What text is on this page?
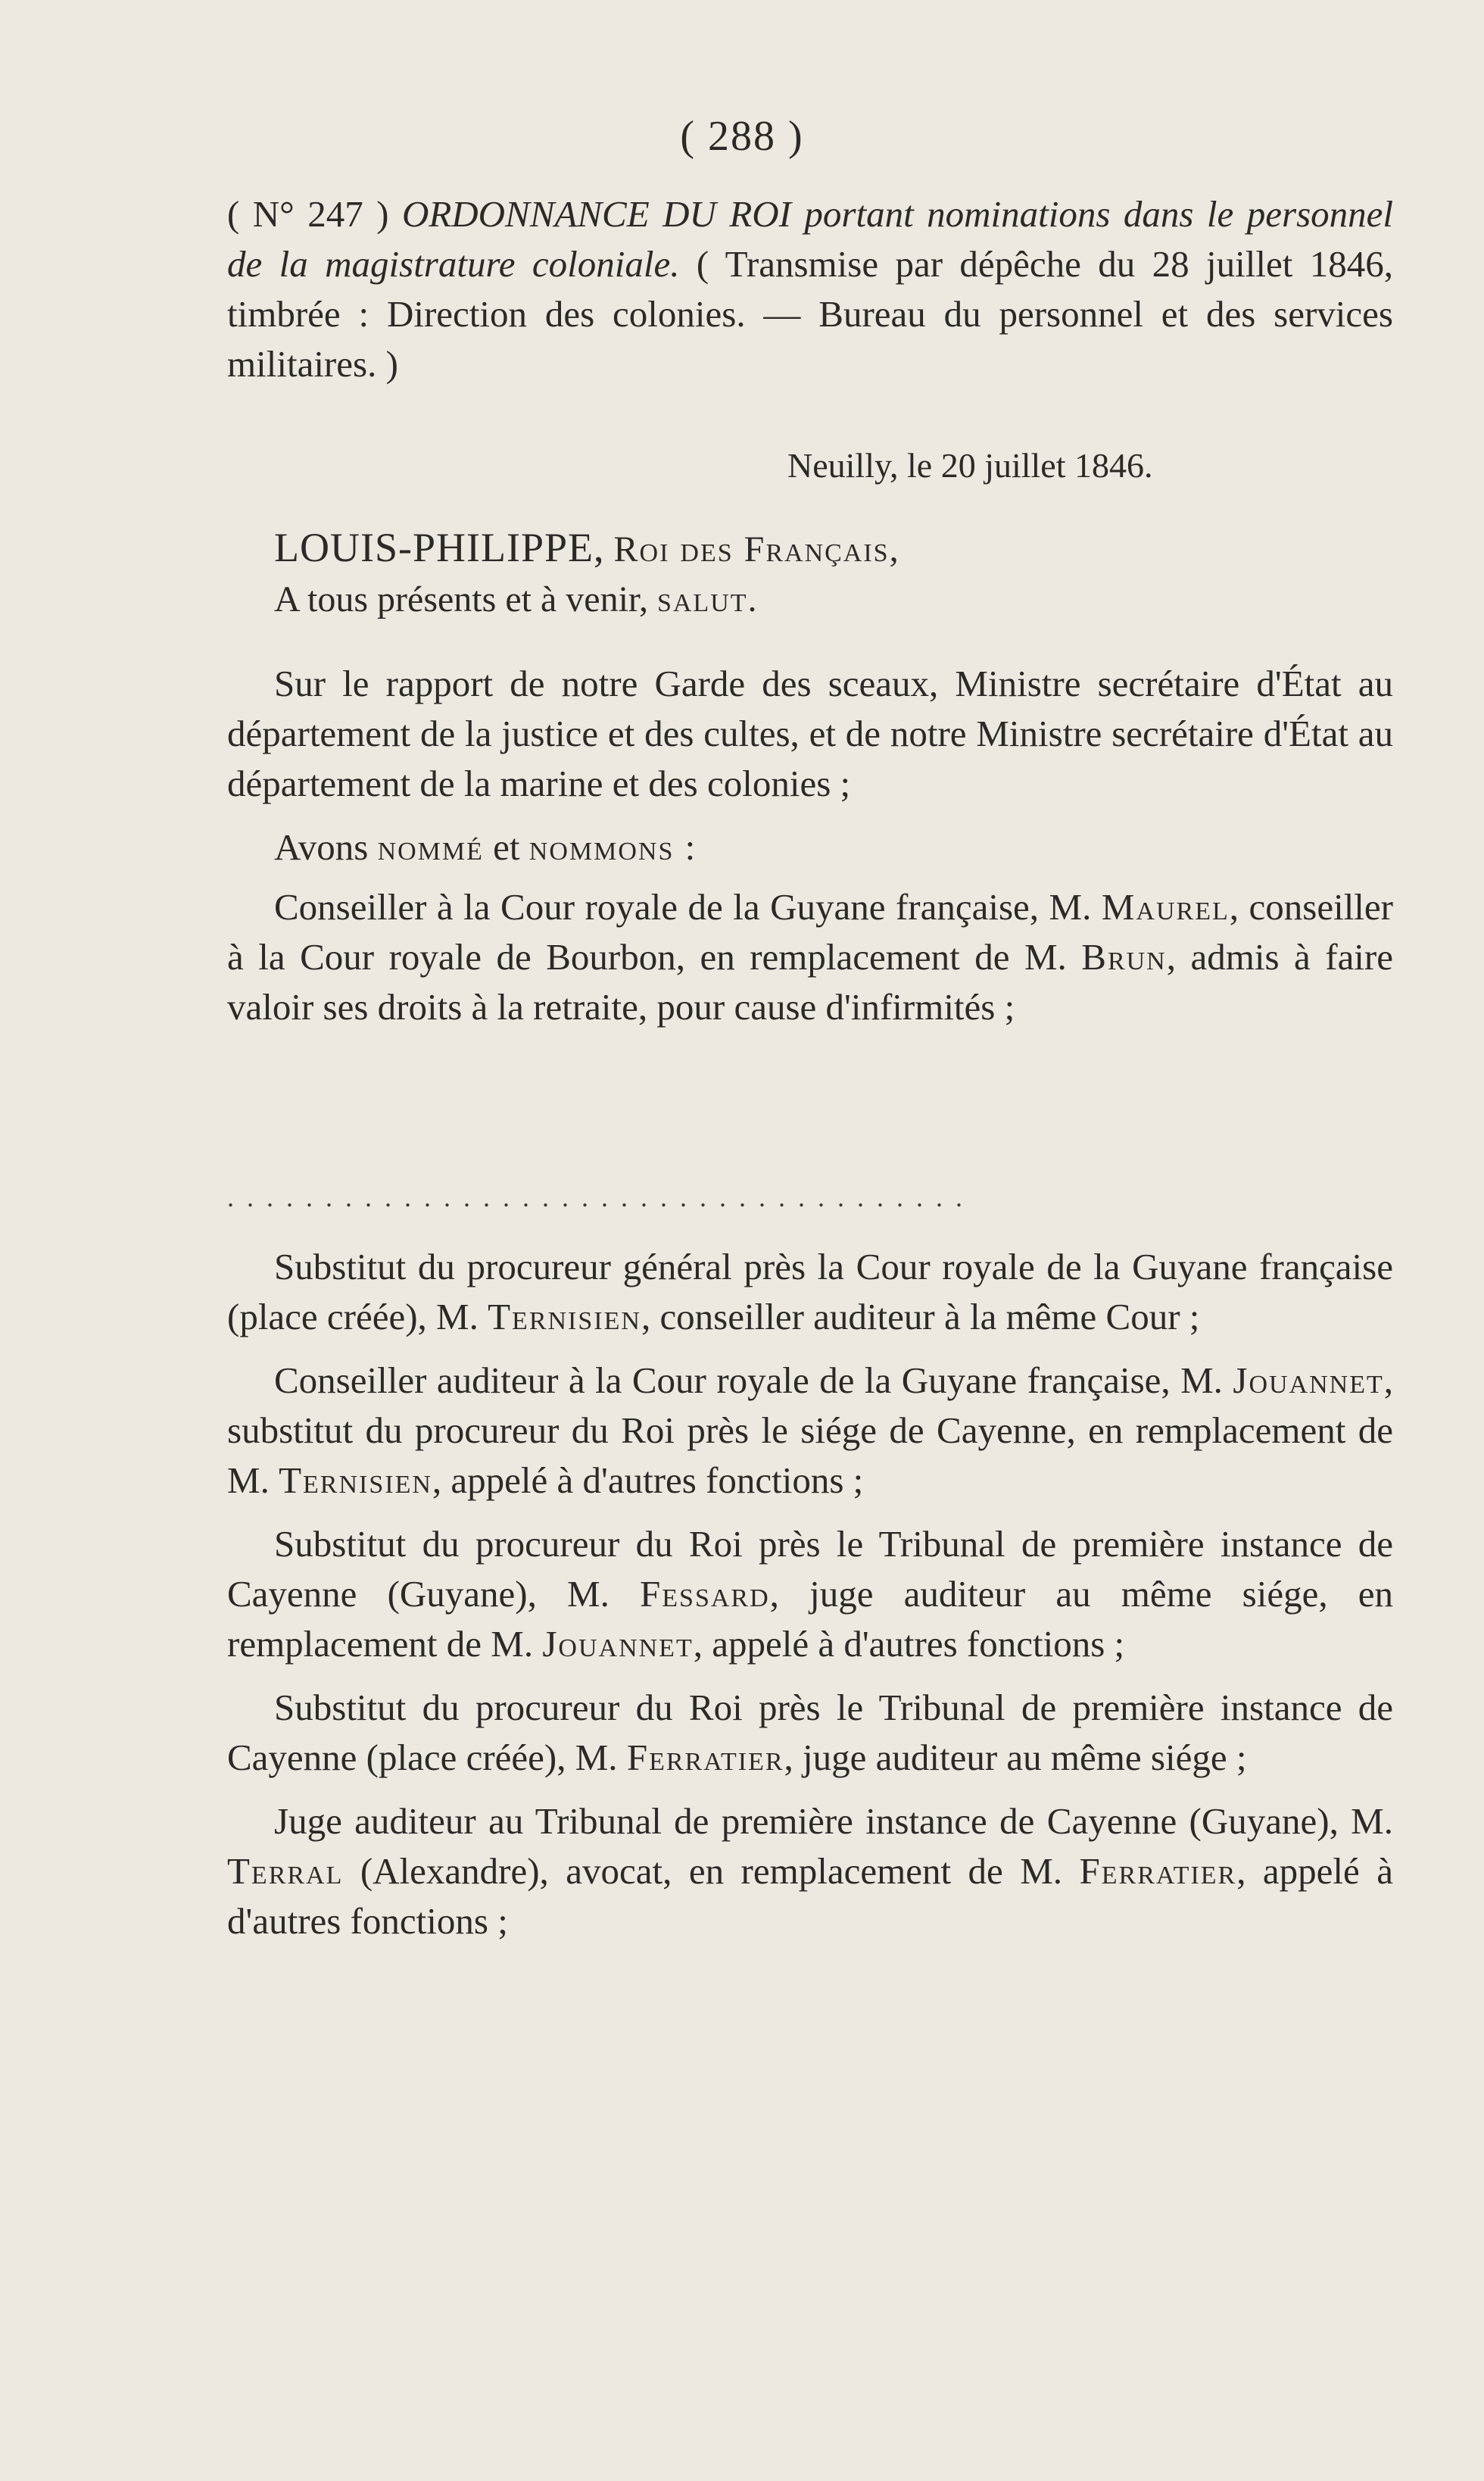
( 288 )
( N° 247 ) ORDONNANCE DU ROI portant nominations dans le personnel de la magistrature coloniale. ( Transmise par dépêche du 28 juillet 1846, timbrée : Direction des colonies. — Bureau du personnel et des services militaires. )
Neuilly, le 20 juillet 1846.
LOUIS-PHILIPPE, Roi des Français,
A tous présents et à venir, salut.

Sur le rapport de notre Garde des sceaux, Ministre secrétaire d'État au département de la justice et des cultes, et de notre Ministre secrétaire d'État au département de la marine et des colonies ;

Avons nommé et nommons :

Conseiller à la Cour royale de la Guyane française, M. Maurel, conseiller à la Cour royale de Bourbon, en remplacement de M. Brun, admis à faire valoir ses droits à la retraite, pour cause d'infirmités ;

......................................

Substitut du procureur général près la Cour royale de la Guyane française (place créée), M. Ternisien, conseiller auditeur à la même Cour ;

Conseiller auditeur à la Cour royale de la Guyane française, M. Jouannet, substitut du procureur du Roi près le siége de Cayenne, en remplacement de M. Ternisien, appelé à d'autres fonctions ;

Substitut du procureur du Roi près le Tribunal de première instance de Cayenne (Guyane), M. Fessard, juge auditeur au même siége, en remplacement de M. Jouannet, appelé à d'autres fonctions ;

Substitut du procureur du Roi près le Tribunal de première instance de Cayenne (place créée), M. Ferratier, juge auditeur au même siége ;

Juge auditeur au Tribunal de première instance de Cayenne (Guyane), M. Terral (Alexandre), avocat, en remplacement de M. Ferratier, appelé à d'autres fonctions ;
